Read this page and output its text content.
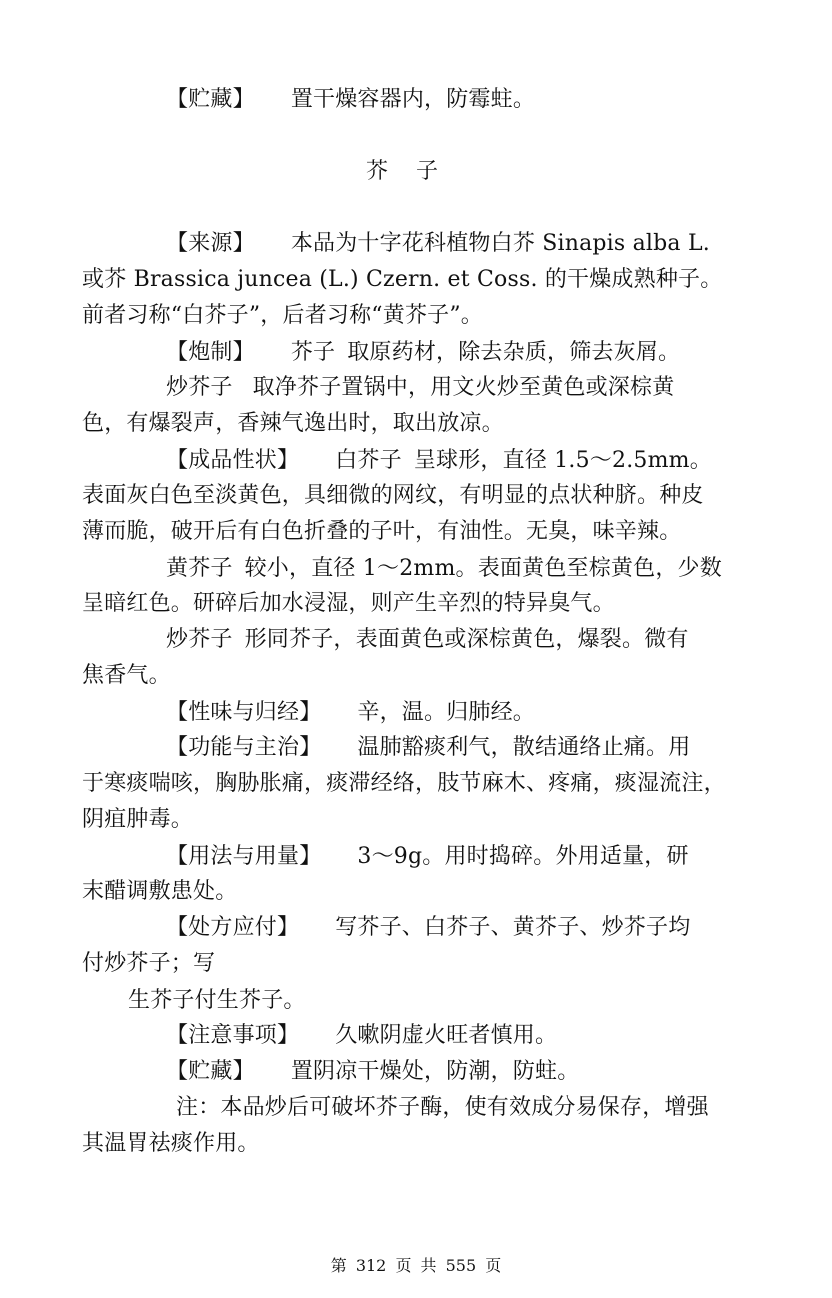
【贮藏】 置干燥容器内，防霉蛀。
芥子
【来源】 本品为十字花科植物白芥 Sinapis alba L.
或芥 Brassica juncea (L.) Czern. et Coss. 的干燥成熟种子。
前者习称“白芥子”，后者习称“黄芥子”。
【炮制】 芥子 取原药材，除去杂质，筛去灰屑。
炒芥子 取净芥子置锅中，用文火炒至黄色或深棕黄
色，有爆裂声，香辣气逸出时，取出放凉。
【成品性状】 白芥子 呈球形，直径 1.5～2.5mm。
表面灰白色至淡黄色，具细微的网纹，有明显的点状种脐。种皮
薄而脆，破开后有白色折叠的子叶，有油性。无臭，味辛辣。
黄芥子 较小，直径 1～2mm。表面黄色至棕黄色，少数
呈暗红色。研碎后加水浸湿，则产生辛烈的特异臭气。
炒芥子 形同芥子，表面黄色或深棕黄色，爆裂。微有
焦香气。
【性味与归经】 辛，温。归肺经。
【功能与主治】 温肺豁痰利气，散结通络止痛。用
于寒痰喘咳，胸胁胀痛，痰滞经络，肢节麻木、疼痛，痰湿流注，
阴疽肿毒。
【用法与用量】 3～9g。用时捣碎。外用适量，研
末醋调敷患处。
【处方应付】 写芥子、白芥子、黄芥子、炒芥子均
付炒芥子；写
生芥子付生芥子。
【注意事项】 久嗽阴虚火旺者慎用。
【贮藏】 置阴凉干燥处，防潮，防蛀。
注：本品炒后可破坏芥子酶，使有效成分易保存，增强
其温胃祛痰作用。
第 312 页 共 555 页
